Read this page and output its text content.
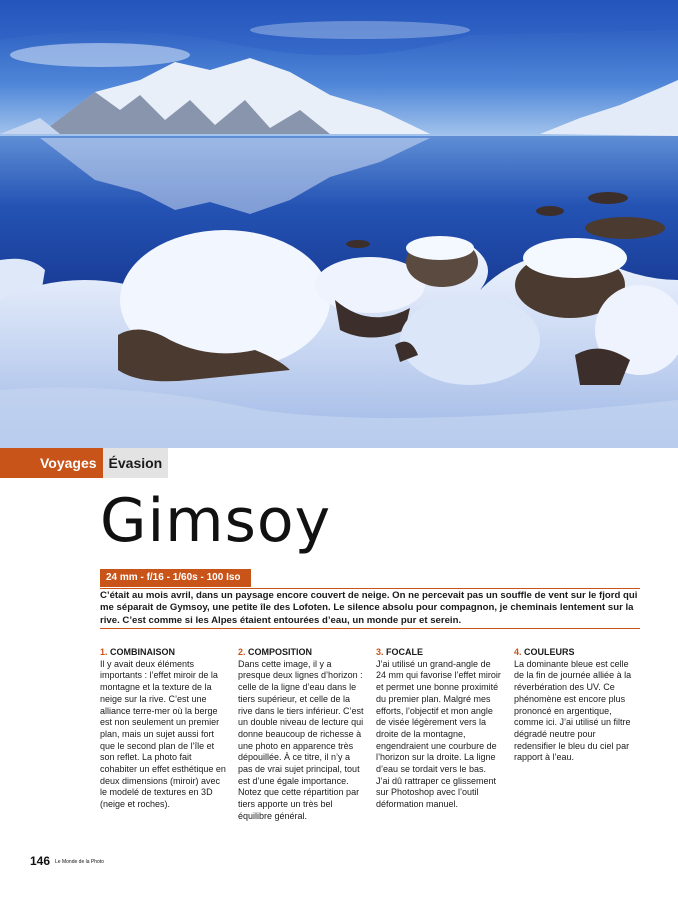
Voyages Évasion
Gimsoy
24 mm - f/16 - 1/60s - 100 Iso
C’était au mois avril, dans un paysage encore couvert de neige. On ne percevait pas un souffle de vent sur le fjord qui me séparait de Gymsoy, une petite île des Lofoten. Le silence absolu pour compagnon, je cheminais lentement sur la rive. C’est comme si les Alpes étaient entourées d’eau, un monde pur et serein.
1. COMBINAISON

Il y avait deux éléments importants : l’effet miroir de la montagne et la texture de la neige sur la rive. C’est une alliance terre-mer où la berge est non seulement un premier plan, mais un sujet aussi fort que le second plan de l’île et son reflet. La photo fait cohabiter un effet esthétique en deux dimensions (miroir) avec le modelé de textures en 3D (neige et roches).

2. COMPOSITION

Dans cette image, il y a presque deux lignes d’horizon : celle de la ligne d’eau dans le tiers supérieur, et celle de la rive dans le tiers inférieur. C’est un double niveau de lecture qui donne beaucoup de richesse à une photo en apparence très dépouillée. À ce titre, il n’y a pas de vrai sujet principal, tout est d’une égale importance. Notez que cette répartition par tiers apporte un très bel équilibre général.

3. FOCALE

J’ai utilisé un grand-angle de 24 mm qui favorise l’effet miroir et permet une bonne proximité du premier plan. Malgré mes efforts, l’objectif et mon angle de visée légèrement vers la droite de la montagne, engendraient une courbure de l’horizon sur la droite. La ligne d’eau se tordait vers le bas. J’ai dû rattraper ce glissement sur Photoshop avec l’outil déformation manuel.

4. COULEURS

La dominante bleue est celle de la fin de journée alliée à la réverbération des UV. Ce phénomène est encore plus prononcé en argentique, comme ici. J’ai utilisé un filtre dégradé neutre pour redensifier le bleu du ciel par rapport à l’eau.

146 Le Monde de la Photo
